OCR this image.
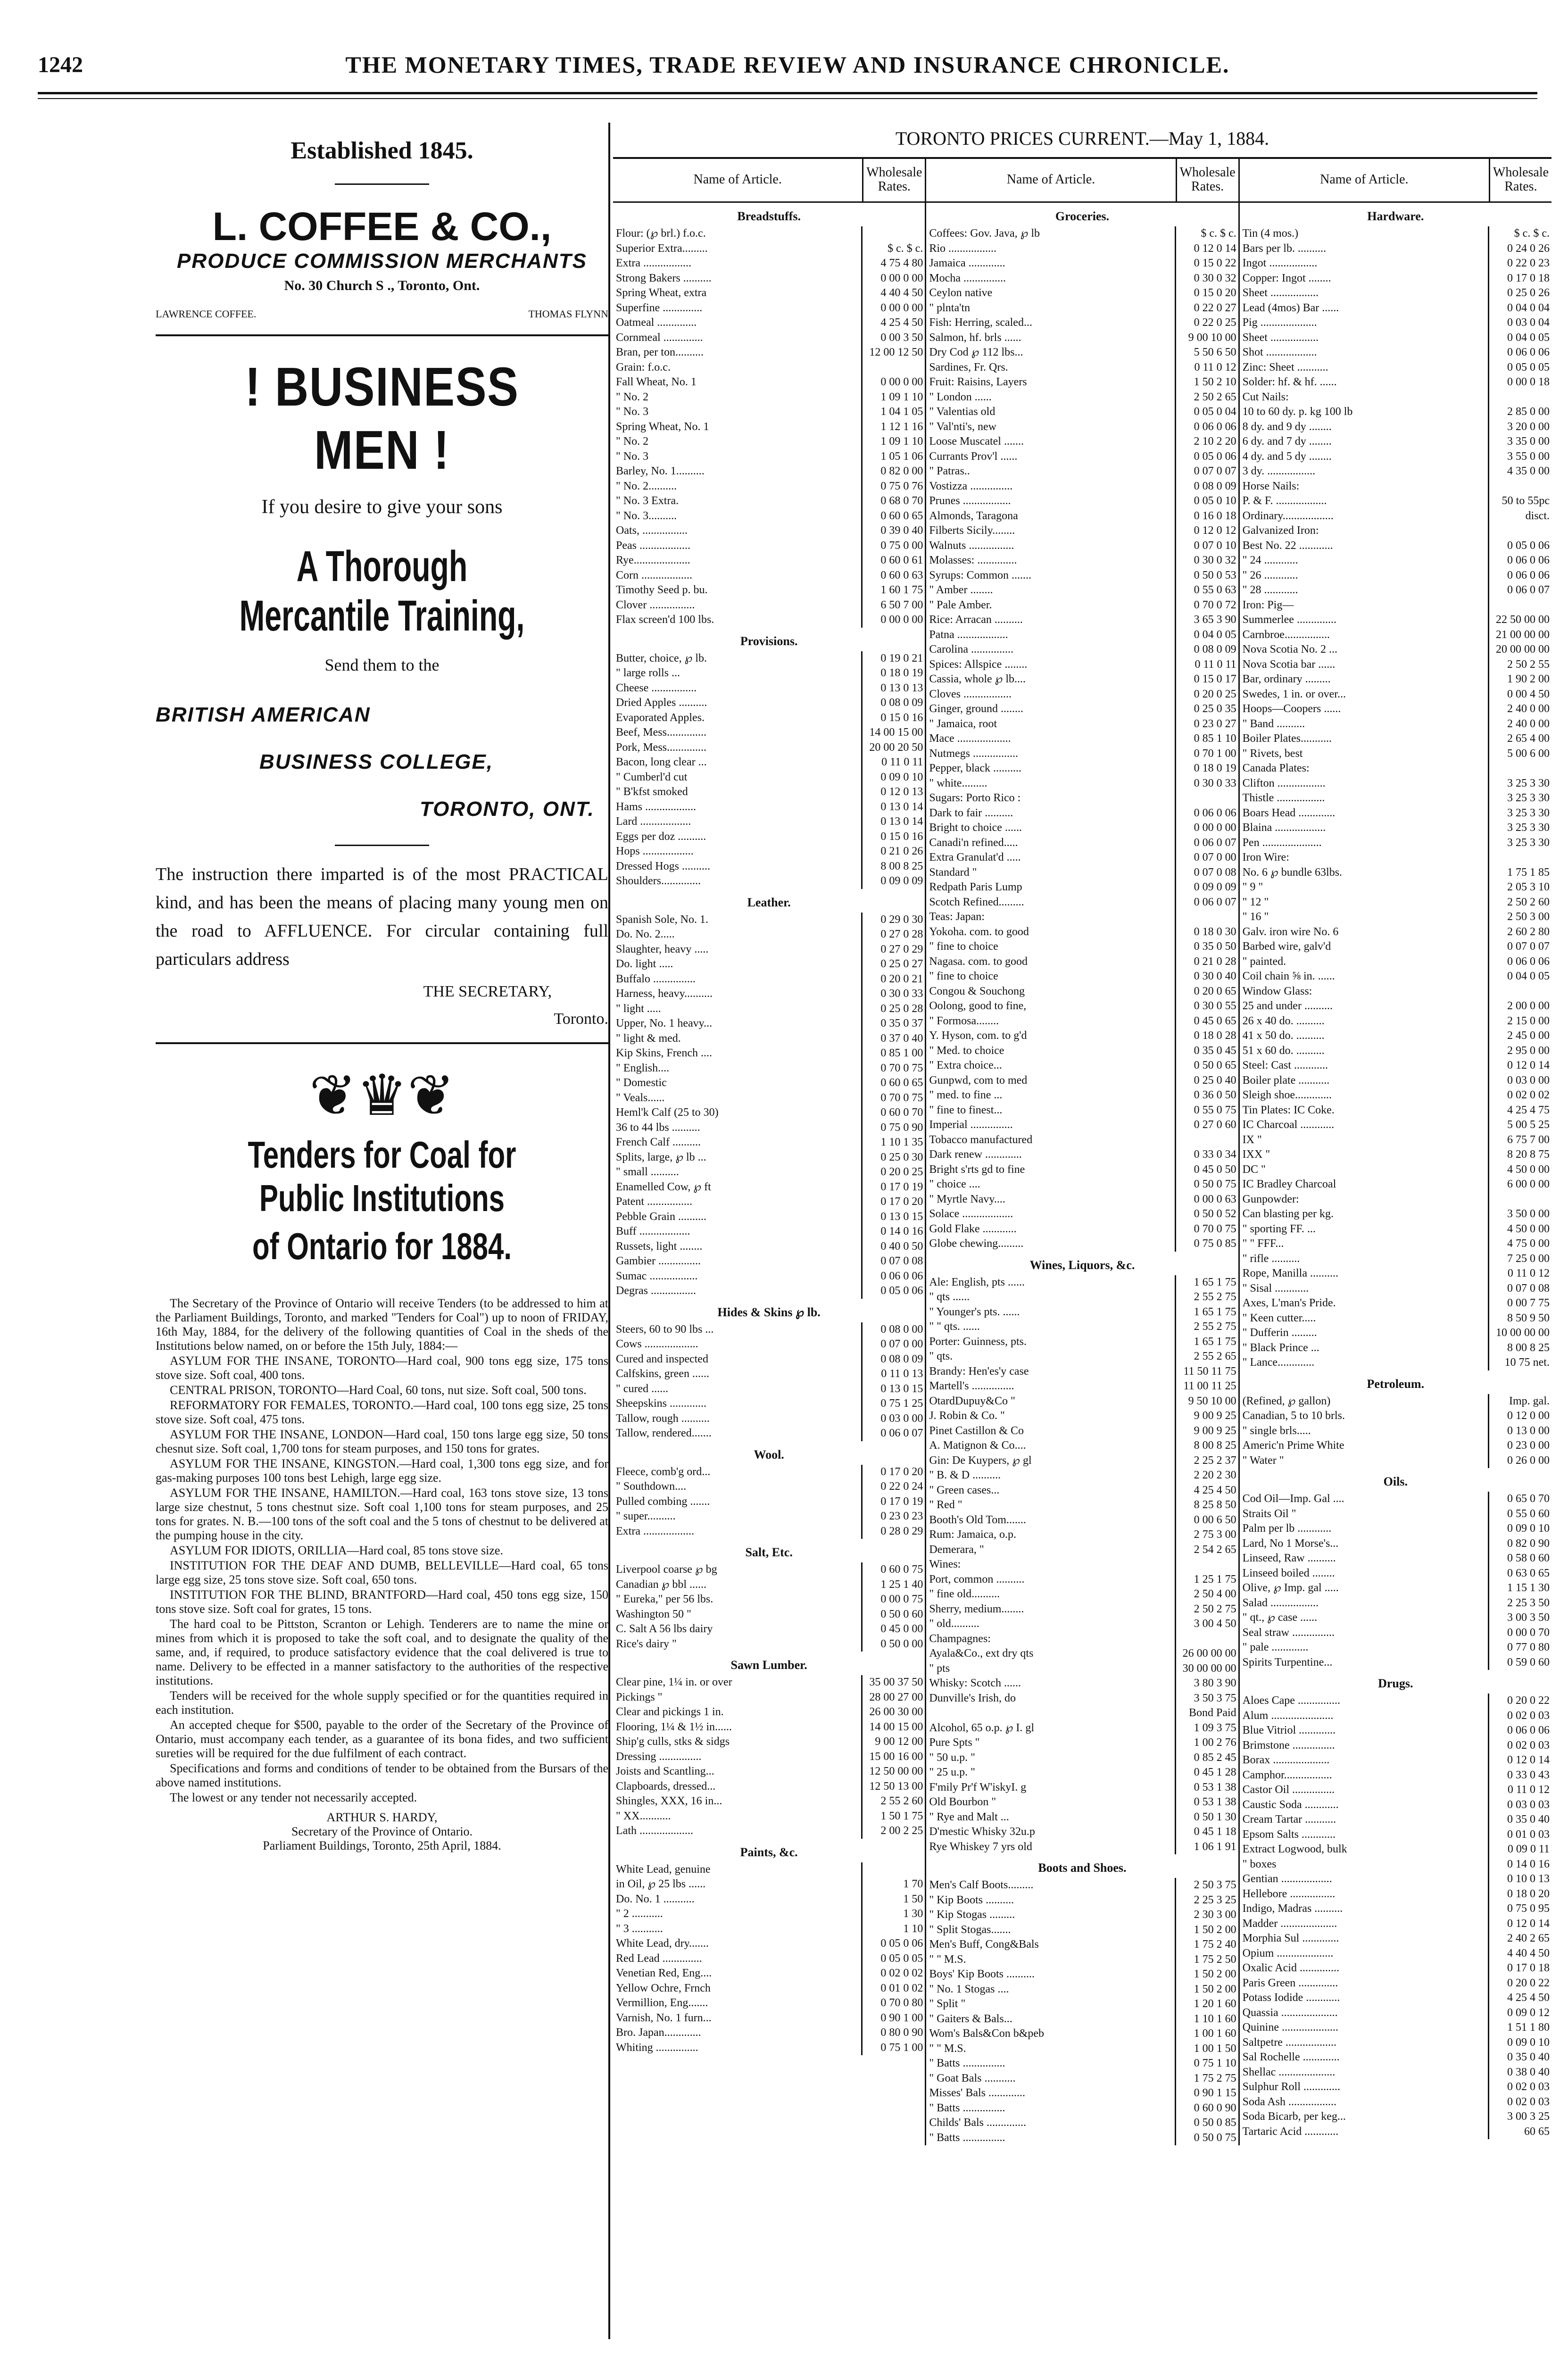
1242	THE MONETARY TIMES, TRADE REVIEW AND INSURANCE CHRONICLE.
Established 1845.
L. COFFEE & CO.,
PRODUCE COMMISSION MERCHANTS
No. 30 Church S ., Toronto, Ont.
LAWRENCE COFFEE.	THOMAS FLYNN
! BUSINESS MEN !
If you desire to give your sons
A Thorough Mercantile Training,
Send them to the
BRITISH AMERICAN
BUSINESS COLLEGE,
TORONTO, ONT.
The instruction there imparted is of the most PRACTICAL kind, and has been the means of placing many young men on the road to AFFLUENCE. For circular containing full particulars address
THE SECRETARY,
Toronto.
❦♛❦
Tenders for Coal for Public Institutions
of Ontario for 1884.

The Secretary of the Province of Ontario will receive Tenders (to be addressed to him at the Parliament Buildings, Toronto, and marked "Tenders for Coal") up to noon of FRIDAY, 16th May, 1884, for the delivery of the following quantities of Coal in the sheds of the Institutions below named, on or before the 15th July, 1884:—

ASYLUM FOR THE INSANE, TORONTO—Hard coal, 900 tons egg size, 175 tons stove size. Soft coal, 400 tons.

CENTRAL PRISON, TORONTO—Hard Coal, 60 tons, nut size. Soft coal, 500 tons.

REFORMATORY FOR FEMALES, TORONTO.—Hard coal, 100 tons egg size, 25 tons stove size. Soft coal, 475 tons.

ASYLUM FOR THE INSANE, LONDON—Hard coal, 150 tons large egg size, 50 tons chesnut size. Soft coal, 1,700 tons for steam purposes, and 150 tons for grates.

ASYLUM FOR THE INSANE, KINGSTON.—Hard coal, 1,300 tons egg size, and for gas-making purposes 100 tons best Lehigh, large egg size.

ASYLUM FOR THE INSANE, HAMILTON.—Hard coal, 163 tons stove size, 13 tons large size chestnut, 5 tons chestnut size. Soft coal 1,100 tons for steam purposes, and 25 tons for grates. N. B.—100 tons of the soft coal and the 5 tons of chestnut to be delivered at the pumping house in the city.

ASYLUM FOR IDIOTS, ORILLIA—Hard coal, 85 tons stove size.

INSTITUTION FOR THE DEAF AND DUMB, BELLEVILLE—Hard coal, 65 tons large egg size, 25 tons stove size. Soft coal, 650 tons.

INSTITUTION FOR THE BLIND, BRANTFORD—Hard coal, 450 tons egg size, 150 tons stove size. Soft coal for grates, 15 tons.

The hard coal to be Pittston, Scranton or Lehigh. Tenderers are to name the mine or mines from which it is proposed to take the soft coal, and to designate the quality of the same, and, if required, to produce satisfactory evidence that the coal delivered is true to name. Delivery to be effected in a manner satisfactory to the authorities of the respective institutions.

Tenders will be received for the whole supply specified or for the quantities required in each institution.

An accepted cheque for $500, payable to the order of the Secretary of the Province of Ontario, must accompany each tender, as a guarantee of its bona fides, and two sufficient sureties will be required for the due fulfilment of each contract.

Specifications and forms and conditions of tender to be obtained from the Bursars of the above named institutions.

The lowest or any tender not necessarily accepted.

ARTHUR S. HARDY,
Secretary of the Province of Ontario.
Parliament Buildings, Toronto, 25th April, 1884.
TORONTO PRICES CURRENT.—May 1, 1884.
Name of Article.	Wholesale Rates.
Breadstuffs.
Flour: (℘ brl.) f.o.c.
Superior Extra.........	$ c. $ c.
Extra .................	4 75 4 80
Strong Bakers ..........	0 00 0 00
Spring Wheat, extra	4 40 4 50
Superfine ..............	0 00 0 00
Oatmeal ..............	4 25 4 50
Cornmeal ..............	0 00 3 50
Bran, per ton..........	12 00 12 50
Grain: f.o.c.
Fall Wheat, No. 1	0 00 0 00
" No. 2	1 09 1 10
" No. 3	1 04 1 05
Spring Wheat, No. 1	1 12 1 16
" No. 2	1 09 1 10
" No. 3	1 05 1 06
Barley, No. 1..........	0 82 0 00
" No. 2..........	0 75 0 76
" No. 3 Extra.	0 68 0 70
" No. 3..........	0 60 0 65
Oats, ................	0 39 0 40
Peas ..................	0 75 0 00
Rye....................	0 60 0 61
Corn ..................	0 60 0 63
Timothy Seed p. bu.	1 60 1 75
Clover ................	6 50 7 00
Flax screen'd 100 lbs.	0 00 0 00
Provisions.
Butter, choice, ℘ lb.	0 19 0 21
" large rolls ...	0 18 0 19
Cheese ................	0 13 0 13
Dried Apples ..........	0 08 0 09
Evaporated Apples.	0 15 0 16
Beef, Mess..............	14 00 15 00
Pork, Mess..............	20 00 20 50
Bacon, long clear ...	0 11 0 11
" Cumberl'd cut	0 09 0 10
" B'kfst smoked	0 12 0 13
Hams ..................	0 13 0 14
Lard ..................	0 13 0 14
Eggs per doz ..........	0 15 0 16
Hops ..................	0 21 0 26
Dressed Hogs ..........	8 00 8 25
Shoulders..............	0 09 0 09
Leather.
Spanish Sole, No. 1.	0 29 0 30
Do. No. 2.....	0 27 0 28
Slaughter, heavy .....	0 27 0 29
Do. light .....	0 25 0 27
Buffalo ...............	0 20 0 21
Harness, heavy..........	0 30 0 33
" light .....	0 25 0 28
Upper, No. 1 heavy...	0 35 0 37
" light & med.	0 37 0 40
Kip Skins, French ....	0 85 1 00
" English....	0 70 0 75
" Domestic	0 60 0 65
" Veals......	0 70 0 75
Heml'k Calf (25 to 30)	0 60 0 70
36 to 44 lbs ..........	0 75 0 90
French Calf ..........	1 10 1 35
Splits, large, ℘ lb ...	0 25 0 30
" small ..........	0 20 0 25
Enamelled Cow, ℘ ft	0 17 0 19
Patent ................	0 17 0 20
Pebble Grain ..........	0 13 0 15
Buff ..................	0 14 0 16
Russets, light ........	0 40 0 50
Gambier ...............	0 07 0 08
Sumac .................	0 06 0 06
Degras ................	0 05 0 06
Hides & Skins ℘ lb.
Steers, 60 to 90 lbs ...	0 08 0 00
Cows ...................	0 07 0 00
Cured and inspected	0 08 0 09
Calfskins, green ......	0 11 0 13
" cured ......	0 13 0 15
Sheepskins .............	0 75 1 25
Tallow, rough ..........	0 03 0 00
Tallow, rendered.......	0 06 0 07
Wool.
Fleece, comb'g ord...	0 17 0 20
" Southdown....	0 22 0 24
Pulled combing .......	0 17 0 19
" super..........	0 23 0 23
Extra ..................	0 28 0 29
Salt, Etc.
Liverpool coarse ℘ bg	0 60 0 75
Canadian ℘ bbl ......	1 25 1 40
" Eureka," per 56 lbs.	0 00 0 75
Washington 50 "	0 50 0 60
C. Salt A 56 lbs dairy	0 45 0 00
Rice's dairy "	0 50 0 00
Sawn Lumber.
Clear pine, 1¼ in. or over	35 00 37 50
Pickings "	28 00 27 00
Clear and pickings 1 in.	26 00 30 00
Flooring, 1¼ & 1½ in......	14 00 15 00
Ship'g culls, stks & sidgs	9 00 12 00
Dressing ...............	15 00 16 00
Joists and Scantling...	12 50 00 00
Clapboards, dressed...	12 50 13 00
Shingles, XXX, 16 in...	2 55 2 60
" XX...........	1 50 1 75
Lath ...................	2 00 2 25
Paints, &c.
White Lead, genuine
in Oil, ℘ 25 lbs ......	1 70
Do. No. 1 ...........	1 50
" 2 ...........	1 30
" 3 ...........	1 10
White Lead, dry.......	0 05 0 06
Red Lead ..............	0 05 0 05
Venetian Red, Eng....	0 02 0 02
Yellow Ochre, Frnch	0 01 0 02
Vermillion, Eng.......	0 70 0 80
Varnish, No. 1 furn...	0 90 1 00
Bro. Japan.............	0 80 0 90
Whiting ...............	0 75 1 00
Name of Article.	Wholesale Rates.
Groceries.
Coffees: Gov. Java, ℘ lb	$ c. $ c.
Rio .................	0 12 0 14
Jamaica .............	0 15 0 22
Mocha ...............	0 30 0 32
Ceylon native	0 15 0 20
" plnta'tn	0 22 0 27
Fish: Herring, scaled...	0 22 0 25
Salmon, hf. brls ......	9 00 10 00
Dry Cod ℘ 112 lbs...	5 50 6 50
Sardines, Fr. Qrs.	0 11 0 12
Fruit: Raisins, Layers	1 50 2 10
" London ......	2 50 2 65
" Valentias old	0 05 0 04
" Val'nti's, new	0 06 0 06
Loose Muscatel .......	2 10 2 20
Currants Prov'l ......	0 05 0 06
" Patras..	0 07 0 07
Vostizza ...............	0 08 0 09
Prunes .................	0 05 0 10
Almonds, Taragona	0 16 0 18
Filberts Sicily........	0 12 0 12
Walnuts ................	0 07 0 10
Molasses: ..............	0 30 0 32
Syrups: Common .......	0 50 0 53
" Amber ........	0 55 0 63
" Pale Amber.	0 70 0 72
Rice: Arracan ..........	3 65 3 90
Patna ..................	0 04 0 05
Carolina ...............	0 08 0 09
Spices: Allspice ........	0 11 0 11
Cassia, whole ℘ lb....	0 15 0 17
Cloves .................	0 20 0 25
Ginger, ground ........	0 25 0 35
" Jamaica, root	0 23 0 27
Mace ...................	0 85 1 10
Nutmegs ................	0 70 1 00
Pepper, black ..........	0 18 0 19
" white.........	0 30 0 33
Sugars: Porto Rico :
Dark to fair ..........	0 06 0 06
Bright to choice ......	0 00 0 00
Canadi'n refined.....	0 06 0 07
Extra Granulat'd .....	0 07 0 00
Standard "	0 07 0 08
Redpath Paris Lump	0 09 0 09
Scotch Refined.........	0 06 0 07
Teas: Japan:
Yokoha. com. to good	0 18 0 30
" fine to choice	0 35 0 50
Nagasa. com. to good	0 21 0 28
" fine to choice	0 30 0 40
Congou & Souchong	0 20 0 65
Oolong, good to fine,	0 30 0 55
" Formosa........	0 45 0 65
Y. Hyson, com. to g'd	0 18 0 28
" Med. to choice	0 35 0 45
" Extra choice...	0 50 0 65
Gunpwd, com to med	0 25 0 40
" med. to fine ...	0 36 0 50
" fine to finest...	0 55 0 75
Imperial ...............	0 27 0 60
Tobacco manufactured
Dark renew .............	0 33 0 34
Bright s'rts gd to fine	0 45 0 50
" choice ....	0 50 0 75
" Myrtle Navy....	0 00 0 63
Solace ..................	0 50 0 52
Gold Flake ............	0 70 0 75
Globe chewing.........	0 75 0 85
Wines, Liquors, &c.
Ale: English, pts ......	1 65 1 75
" qts ......	2 55 2 75
" Younger's pts. ......	1 65 1 75
" " qts. ......	2 55 2 75
Porter: Guinness, pts.	1 65 1 75
" qts.	2 55 2 65
Brandy: Hen'es'y case	11 50 11 75
Martell's ...............	11 00 11 25
OtardDupuy&Co "	9 50 10 00
J. Robin & Co. "	9 00 9 25
Pinet Castillon & Co	9 00 9 25
A. Matignon & Co....	8 00 8 25
Gin: De Kuypers, ℘ gl	2 25 2 37
" B. & D ..........	2 20 2 30
" Green cases...	4 25 4 50
" Red "	8 25 8 50
Booth's Old Tom.......	0 00 6 50
Rum: Jamaica, o.p.	2 75 3 00
Demerara, "	2 54 2 65
Wines:
Port, common ..........	1 25 1 75
" fine old..........	2 50 4 00
Sherry, medium........	2 50 2 75
" old..........	3 00 4 50
Champagnes:
Ayala&Co., ext dry qts	26 00 00 00
" pts	30 00 00 00
Whisky: Scotch ......	3 80 3 90
Dunville's Irish, do	3 50 3 75
Bond Paid
Alcohol, 65 o.p. ℘ I. gl	1 09 3 75
Pure Spts "	1 00 2 76
" 50 u.p. "	0 85 2 45
" 25 u.p. "	0 45 1 28
F'mily Pr'f W'iskyI. g	0 53 1 38
Old Bourbon "	0 53 1 38
" Rye and Malt ...	0 50 1 30
D'mestic Whisky 32u.p	0 45 1 18
Rye Whiskey 7 yrs old	1 06 1 91
Boots and Shoes.
Men's Calf Boots.........	2 50 3 75
" Kip Boots ..........	2 25 3 25
" Kip Stogas .........	2 30 3 00
" Split Stogas.......	1 50 2 00
Men's Buff, Cong&Bals	1 75 2 40
" " M.S.	1 75 2 50
Boys' Kip Boots ..........	1 50 2 00
" No. 1 Stogas ....	1 50 2 00
" Split "	1 20 1 60
" Gaiters & Bals...	1 10 1 60
Wom's Bals&Con b&peb	1 00 1 60
" " M.S.	1 00 1 50
" Batts ...............	0 75 1 10
" Goat Bals ...........	1 75 2 75
Misses' Bals .............	0 90 1 15
" Batts ...............	0 60 0 90
Childs' Bals ..............	0 50 0 85
" Batts ...............	0 50 0 75
Name of Article.	Wholesale Rates.
Hardware.
Tin (4 mos.)	$ c. $ c.
Bars per lb. ..........	0 24 0 26
Ingot .................	0 22 0 23
Copper: Ingot ........	0 17 0 18
Sheet .................	0 25 0 26
Lead (4mos) Bar ......	0 04 0 04
Pig ....................	0 03 0 04
Sheet .................	0 04 0 05
Shot ..................	0 06 0 06
Zinc: Sheet ...........	0 05 0 05
Solder: hf. & hf. ......	0 00 0 18
Cut Nails:
10 to 60 dy. p. kg 100 lb	2 85 0 00
8 dy. and 9 dy ........	3 20 0 00
6 dy. and 7 dy ........	3 35 0 00
4 dy. and 5 dy ........	3 55 0 00
3 dy. .................	4 35 0 00
Horse Nails:
P. & F. ..................	50 to 55pc
Ordinary..................	disct.
Galvanized Iron:
Best No. 22 ............	0 05 0 06
" 24 ............	0 06 0 06
" 26 ............	0 06 0 06
" 28 ............	0 06 0 07
Iron: Pig—
Summerlee ..............	22 50 00 00
Carnbroe................	21 00 00 00
Nova Scotia No. 2 ...	20 00 00 00
Nova Scotia bar ......	2 50 2 55
Bar, ordinary .........	1 90 2 00
Swedes, 1 in. or over...	0 00 4 50
Hoops—Coopers ......	2 40 0 00
" Band ..........	2 40 0 00
Boiler Plates...........	2 65 4 00
" Rivets, best	5 00 6 00
Canada Plates:
Clifton .................	3 25 3 30
Thistle .................	3 25 3 30
Boars Head .............	3 25 3 30
Blaina ..................	3 25 3 30
Pen .....................	3 25 3 30
Iron Wire:
No. 6 ℘ bundle 63lbs.	1 75 1 85
" 9 "	2 05 3 10
" 12 "	2 50 2 60
" 16 "	2 50 3 00
Galv. iron wire No. 6	2 60 2 80
Barbed wire, galv'd	0 07 0 07
" painted.	0 06 0 06
Coil chain ⅝ in. ......	0 04 0 05
Window Glass:
25 and under ..........	2 00 0 00
26 x 40 do. ..........	2 15 0 00
41 x 50 do. ..........	2 45 0 00
51 x 60 do. ..........	2 95 0 00
Steel: Cast ............	0 12 0 14
Boiler plate ...........	0 03 0 00
Sleigh shoe.............	0 02 0 02
Tin Plates: IC Coke.	4 25 4 75
IC Charcoal ............	5 00 5 25
IX "	6 75 7 00
IXX "	8 20 8 75
DC "	4 50 0 00
IC Bradley Charcoal	6 00 0 00
Gunpowder:
Can blasting per kg.	3 50 0 00
" sporting FF. ...	4 50 0 00
" " FFF...	4 75 0 00
" rifle ..........	7 25 0 00
Rope, Manilla ..........	0 11 0 12
" Sisal ............	0 07 0 08
Axes, L'man's Pride.	0 00 7 75
" Keen cutter.....	8 50 9 50
" Dufferin .........	10 00 00 00
" Black Prince ...	8 00 8 25
" Lance.............	10 75 net.
Petroleum.
(Refined, ℘ gallon)	Imp. gal.
Canadian, 5 to 10 brls.	0 12 0 00
" single brls.....	0 13 0 00
Americ'n Prime White	0 23 0 00
" Water "	0 26 0 00
Oils.
Cod Oil—Imp. Gal ....	0 65 0 70
Straits Oil "	0 55 0 60
Palm per lb ............	0 09 0 10
Lard, No 1 Morse's...	0 82 0 90
Linseed, Raw ..........	0 58 0 60
Linseed boiled ........	0 63 0 65
Olive, ℘ Imp. gal .....	1 15 1 30
Salad .................	2 25 3 50
" qt., ℘ case ......	3 00 3 50
Seal straw ...............	0 00 0 70
" pale .............	0 77 0 80
Spirits Turpentine...	0 59 0 60
Drugs.
Aloes Cape ...............	0 20 0 22
Alum ......................	0 02 0 03
Blue Vitriol .............	0 06 0 06
Brimstone ...............	0 02 0 03
Borax ....................	0 12 0 14
Camphor.................	0 33 0 43
Castor Oil ...............	0 11 0 12
Caustic Soda ............	0 03 0 03
Cream Tartar ...........	0 35 0 40
Epsom Salts ............	0 01 0 03
Extract Logwood, bulk	0 09 0 11
" boxes	0 14 0 16
Gentian ..................	0 10 0 13
Hellebore ................	0 18 0 20
Indigo, Madras ..........	0 75 0 95
Madder ....................	0 12 0 14
Morphia Sul .............	2 40 2 65
Opium ....................	4 40 4 50
Oxalic Acid ..............	0 17 0 18
Paris Green ..............	0 20 0 22
Potass Iodide ............	4 25 4 50
Quassia ....................	0 09 0 12
Quinine ....................	1 51 1 80
Saltpetre ..................	0 09 0 10
Sal Rochelle .............	0 35 0 40
Shellac ....................	0 38 0 40
Sulphur Roll .............	0 02 0 03
Soda Ash .................	0 02 0 03
Soda Bicarb, per keg...	3 00 3 25
Tartaric Acid ............	60 65
